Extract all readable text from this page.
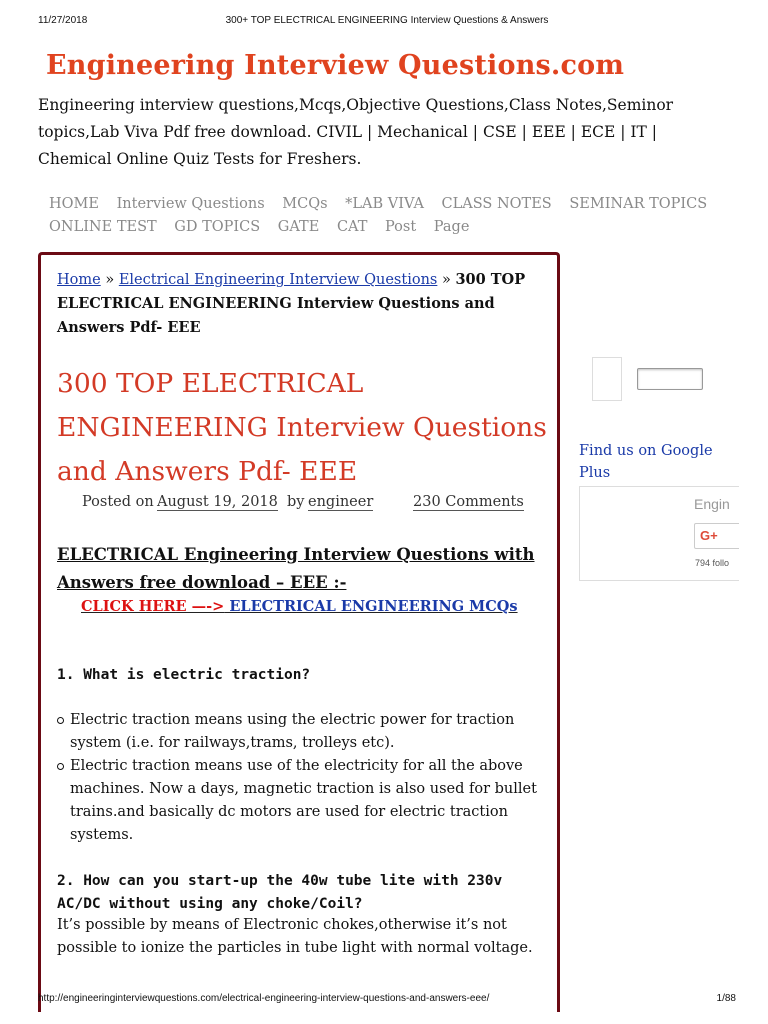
11/27/2018	300+ TOP ELECTRICAL ENGINEERING Interview Questions & Answers
Engineering Interview Questions.com
Engineering interview questions,Mcqs,Objective Questions,Class Notes,Seminor topics,Lab Viva Pdf free download. CIVIL | Mechanical | CSE | EEE | ECE | IT | Chemical Online Quiz Tests for Freshers.
HOME Interview Questions MCQs *LAB VIVA CLASS NOTES SEMINAR TOPICS
ONLINE TEST GD TOPICS GATE CAT Post Page
Home » Electrical Engineering Interview Questions » 300 TOP ELECTRICAL ENGINEERING Interview Questions and Answers Pdf- EEE
300 TOP ELECTRICAL ENGINEERING Interview Questions and Answers Pdf- EEE
Posted on August 19, 2018 by engineer	230 Comments
ELECTRICAL Engineering Interview Questions with Answers free download – EEE :-
CLICK HERE —-> ELECTRICAL ENGINEERING MCQs
1. What is electric traction?
Electric traction means using the electric power for traction system (i.e. for railways,trams, trolleys etc).
Electric traction means use of the electricity for all the above machines. Now a days, magnetic traction is also used for bullet trains.and basically dc motors are used for electric traction systems.
2. How can you start-up the 40w tube lite with 230v AC/DC without using any choke/Coil?
It’s possible by means of Electronic chokes,otherwise it’s not possible to ionize the particles in tube light with normal voltage.
Find us on Google Plus
Engin
G+
794 follo
http://engineeringinterviewquestions.com/electrical-engineering-interview-questions-and-answers-eee/	1/88
